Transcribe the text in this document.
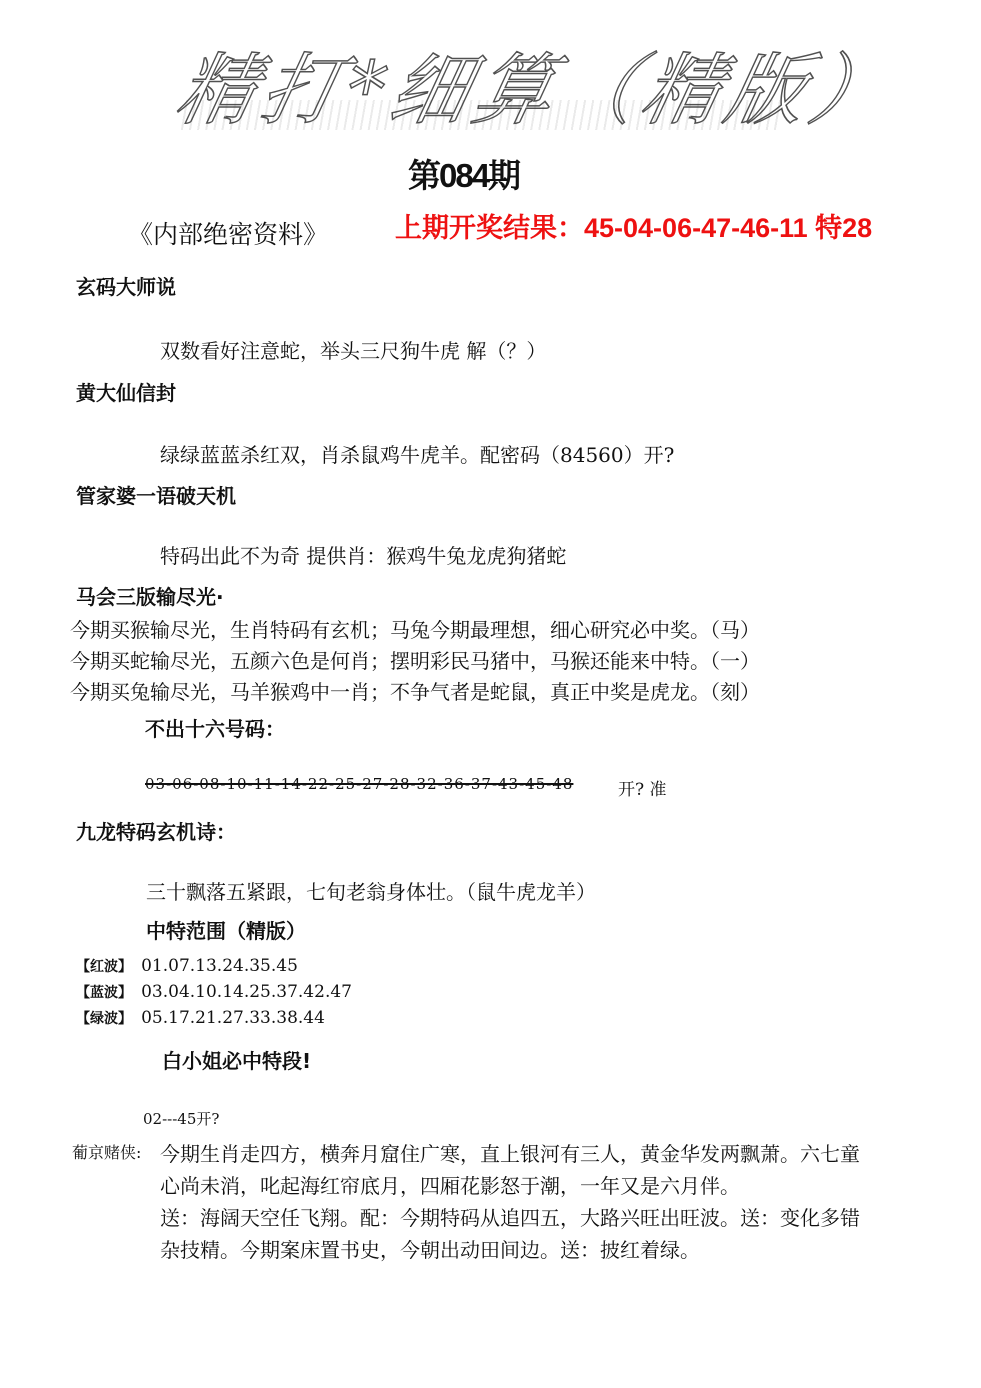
精打*细算（精版）
第084期
《内部绝密资料》 上期开奖结果：45-04-06-47-46-11 特28
玄码大师说
双数看好注意蛇，举头三尺狗牛虎 解（？）
黄大仙信封
绿绿蓝蓝杀红双，肖杀鼠鸡牛虎羊。配密码（84560）开?
管家婆一语破天机
特码出此不为奇 提供肖：猴鸡牛兔龙虎狗猪蛇
马会三版输尽光·
今期买猴输尽光，生肖特码有玄机；马兔今期最理想，细心研究必中奖。（马）
今期买蛇输尽光，五颜六色是何肖；摆明彩民马猪中，马猴还能来中特。（一）
今期买兔输尽光，马羊猴鸡中一肖；不争气者是蛇鼠，真正中奖是虎龙。（刻）
不出十六号码：
03-06-08-10-11-14-22-25-27-28-32-36-37-43-45-48	开? 准
九龙特码玄机诗：
三十飘落五紧跟，七旬老翁身体壮。（鼠牛虎龙羊）
中特范围（精版）
【红波】 01.07.13.24.35.45
【蓝波】 03.04.10.14.25.37.42.47
【绿波】 05.17.21.27.33.38.44
白小姐必中特段!
02---45开?
葡京赌侠: 今期生肖走四方，横奔月窟住广寒，直上银河有三人，黄金华发两飘萧。六七童
心尚未消，叱起海红帘底月，四厢花影怒于潮，一年又是六月伴。
送：海阔天空任飞翔。配：今期特码从追四五，大路兴旺出旺波。送：变化多错
杂技精。今期案床置书史，今朝出动田间边。送：披红着绿。
